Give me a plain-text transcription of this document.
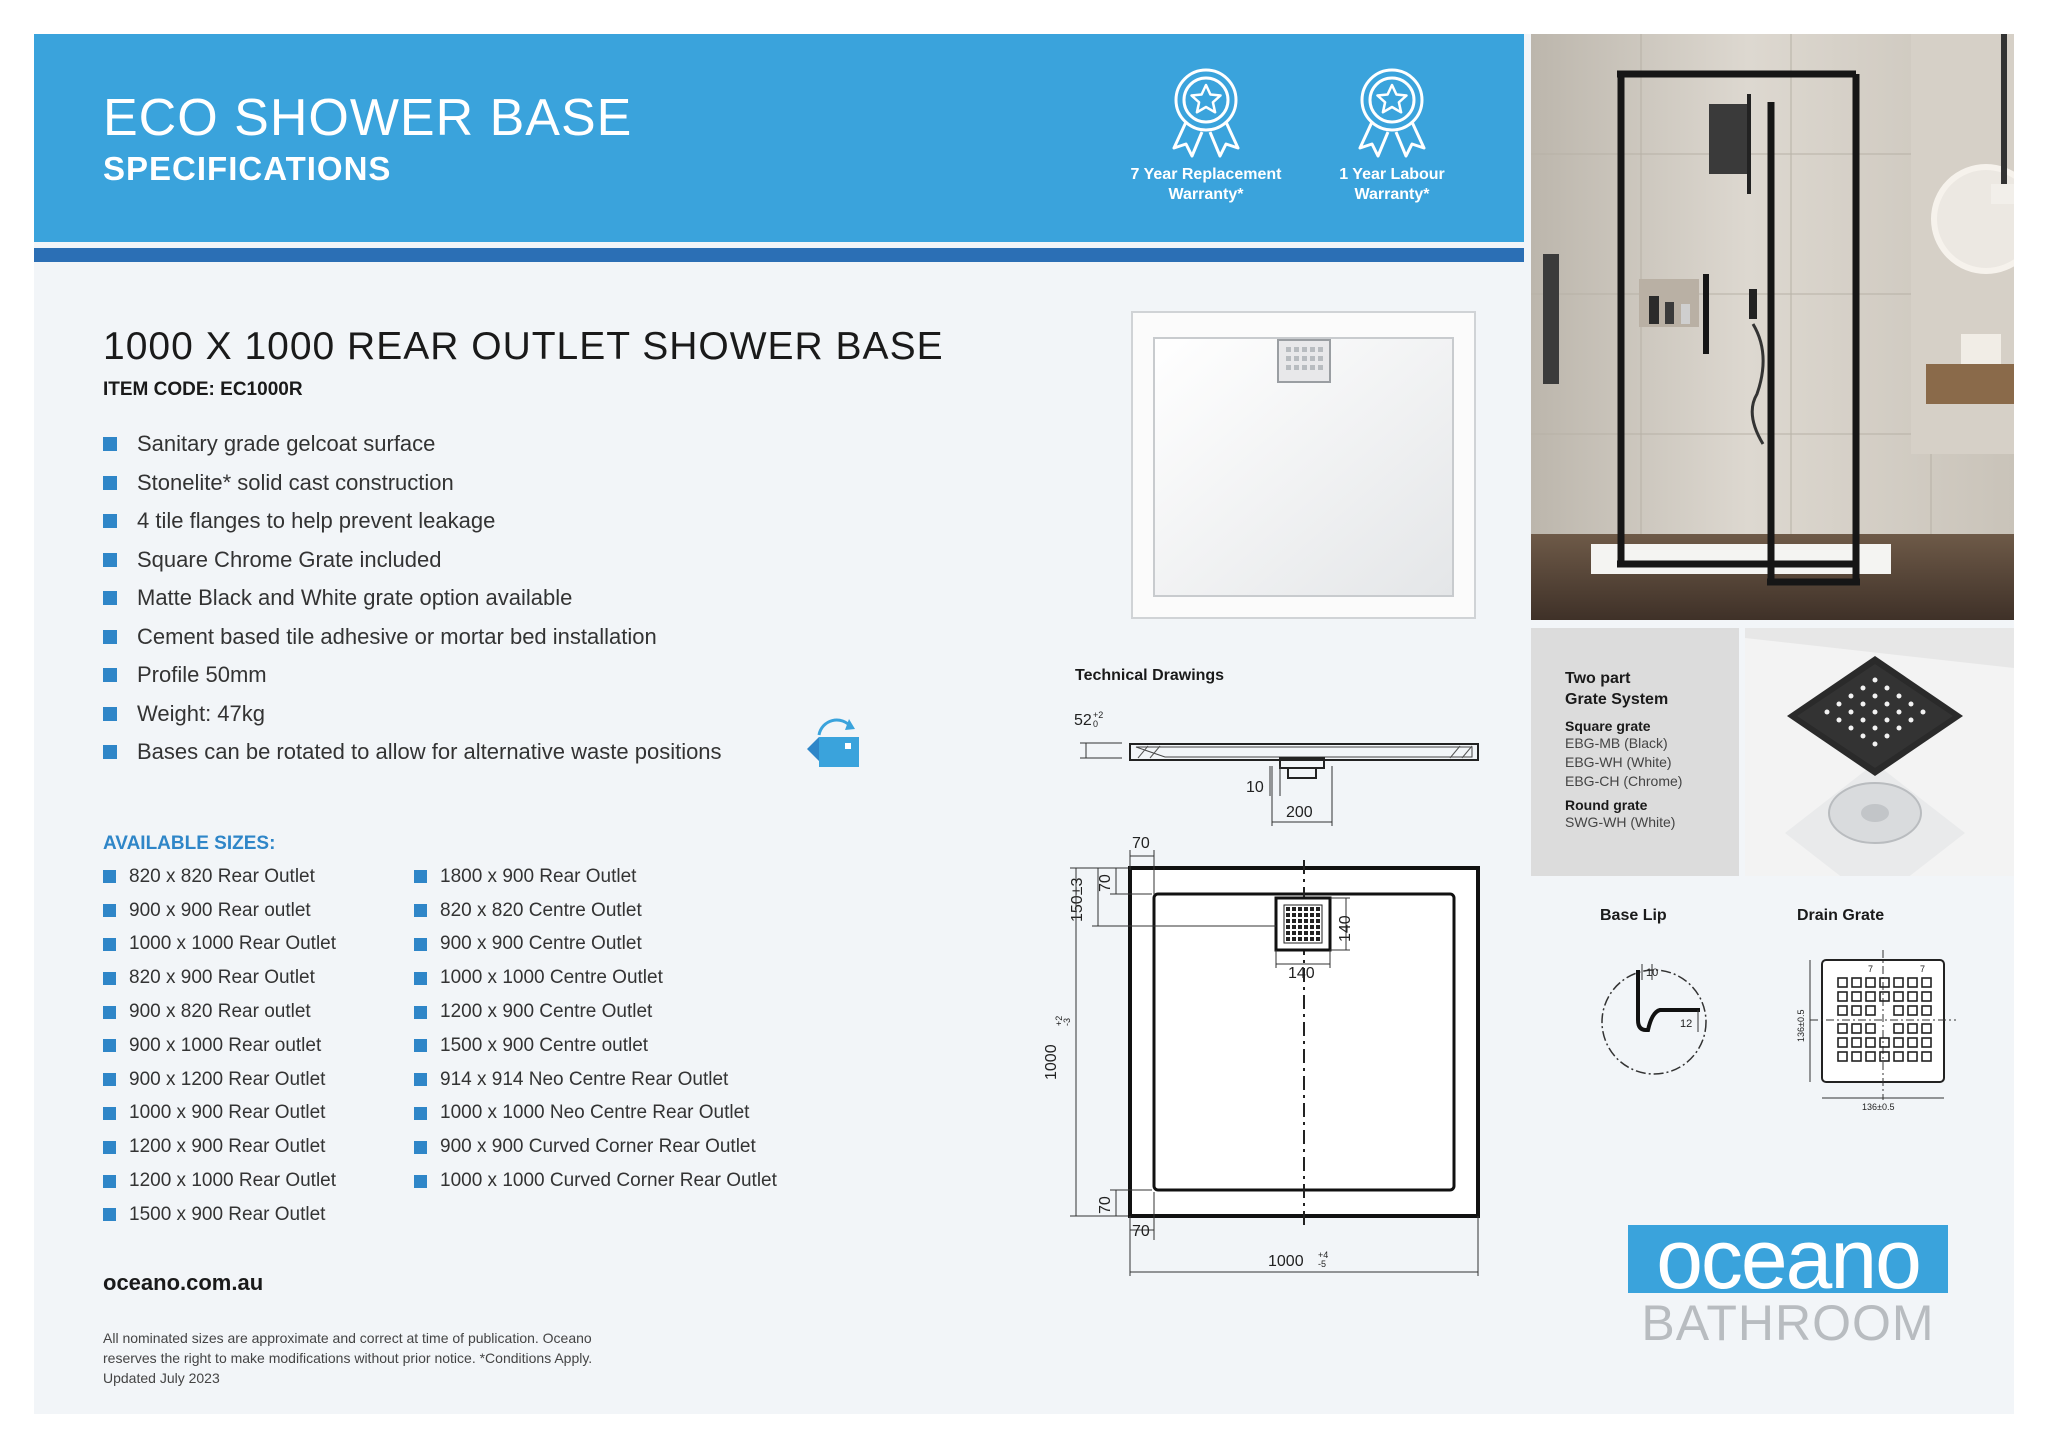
ECO SHOWER BASE
SPECIFICATIONS	7 Year Replacement
Warranty*
1 Year Labour
Warranty*
1000 X 1000 REAR OUTLET SHOWER BASE
ITEM CODE: EC1000R
Sanitary grade gelcoat surface
Stonelite* solid cast construction
4 tile flanges to help prevent leakage
Square Chrome Grate included
Matte Black and White grate option available
Cement based tile adhesive or mortar bed installation
Profile 50mm
Weight: 47kg
Bases can be rotated to allow for alternative waste positions
AVAILABLE SIZES:
820 x 820 Rear Outlet
900 x 900 Rear outlet
1000 x 1000 Rear Outlet
820 x 900 Rear Outlet
900 x 820 Rear outlet
900 x 1000 Rear outlet
900 x 1200 Rear Outlet
1000 x 900 Rear Outlet
1200 x 900 Rear Outlet
1200 x 1000 Rear Outlet
1500 x 900 Rear Outlet
1800 x 900 Rear Outlet
820 x 820 Centre Outlet
900 x 900 Centre Outlet
1000 x 1000 Centre Outlet
1200 x 900 Centre Outlet
1500 x 900 Centre outlet
914 x 914 Neo Centre Rear Outlet
1000 x 1000 Neo Centre Rear Outlet
900 x 900 Curved Corner Rear Outlet
1000 x 1000 Curved Corner Rear Outlet
oceano.com.au
All nominated sizes are approximate and correct at time of publication. Oceano
reserves the right to make modifications without prior notice. *Conditions Apply.
Updated July 2023
Technical Drawings
52 +2
0
10
200
70
150±3 70
140
140
1000
+2
-3
70
70
1000 +4
-5
Two part
Grate System
Square grate
EBG-MB (Black)
EBG-WH (White)
EBG-CH (Chrome)
Round grate
SWG-WH (White)
Base Lip
10
12
Drain Grate
7	7
136±0.5
136±0.5
oceano
BATHROOM
